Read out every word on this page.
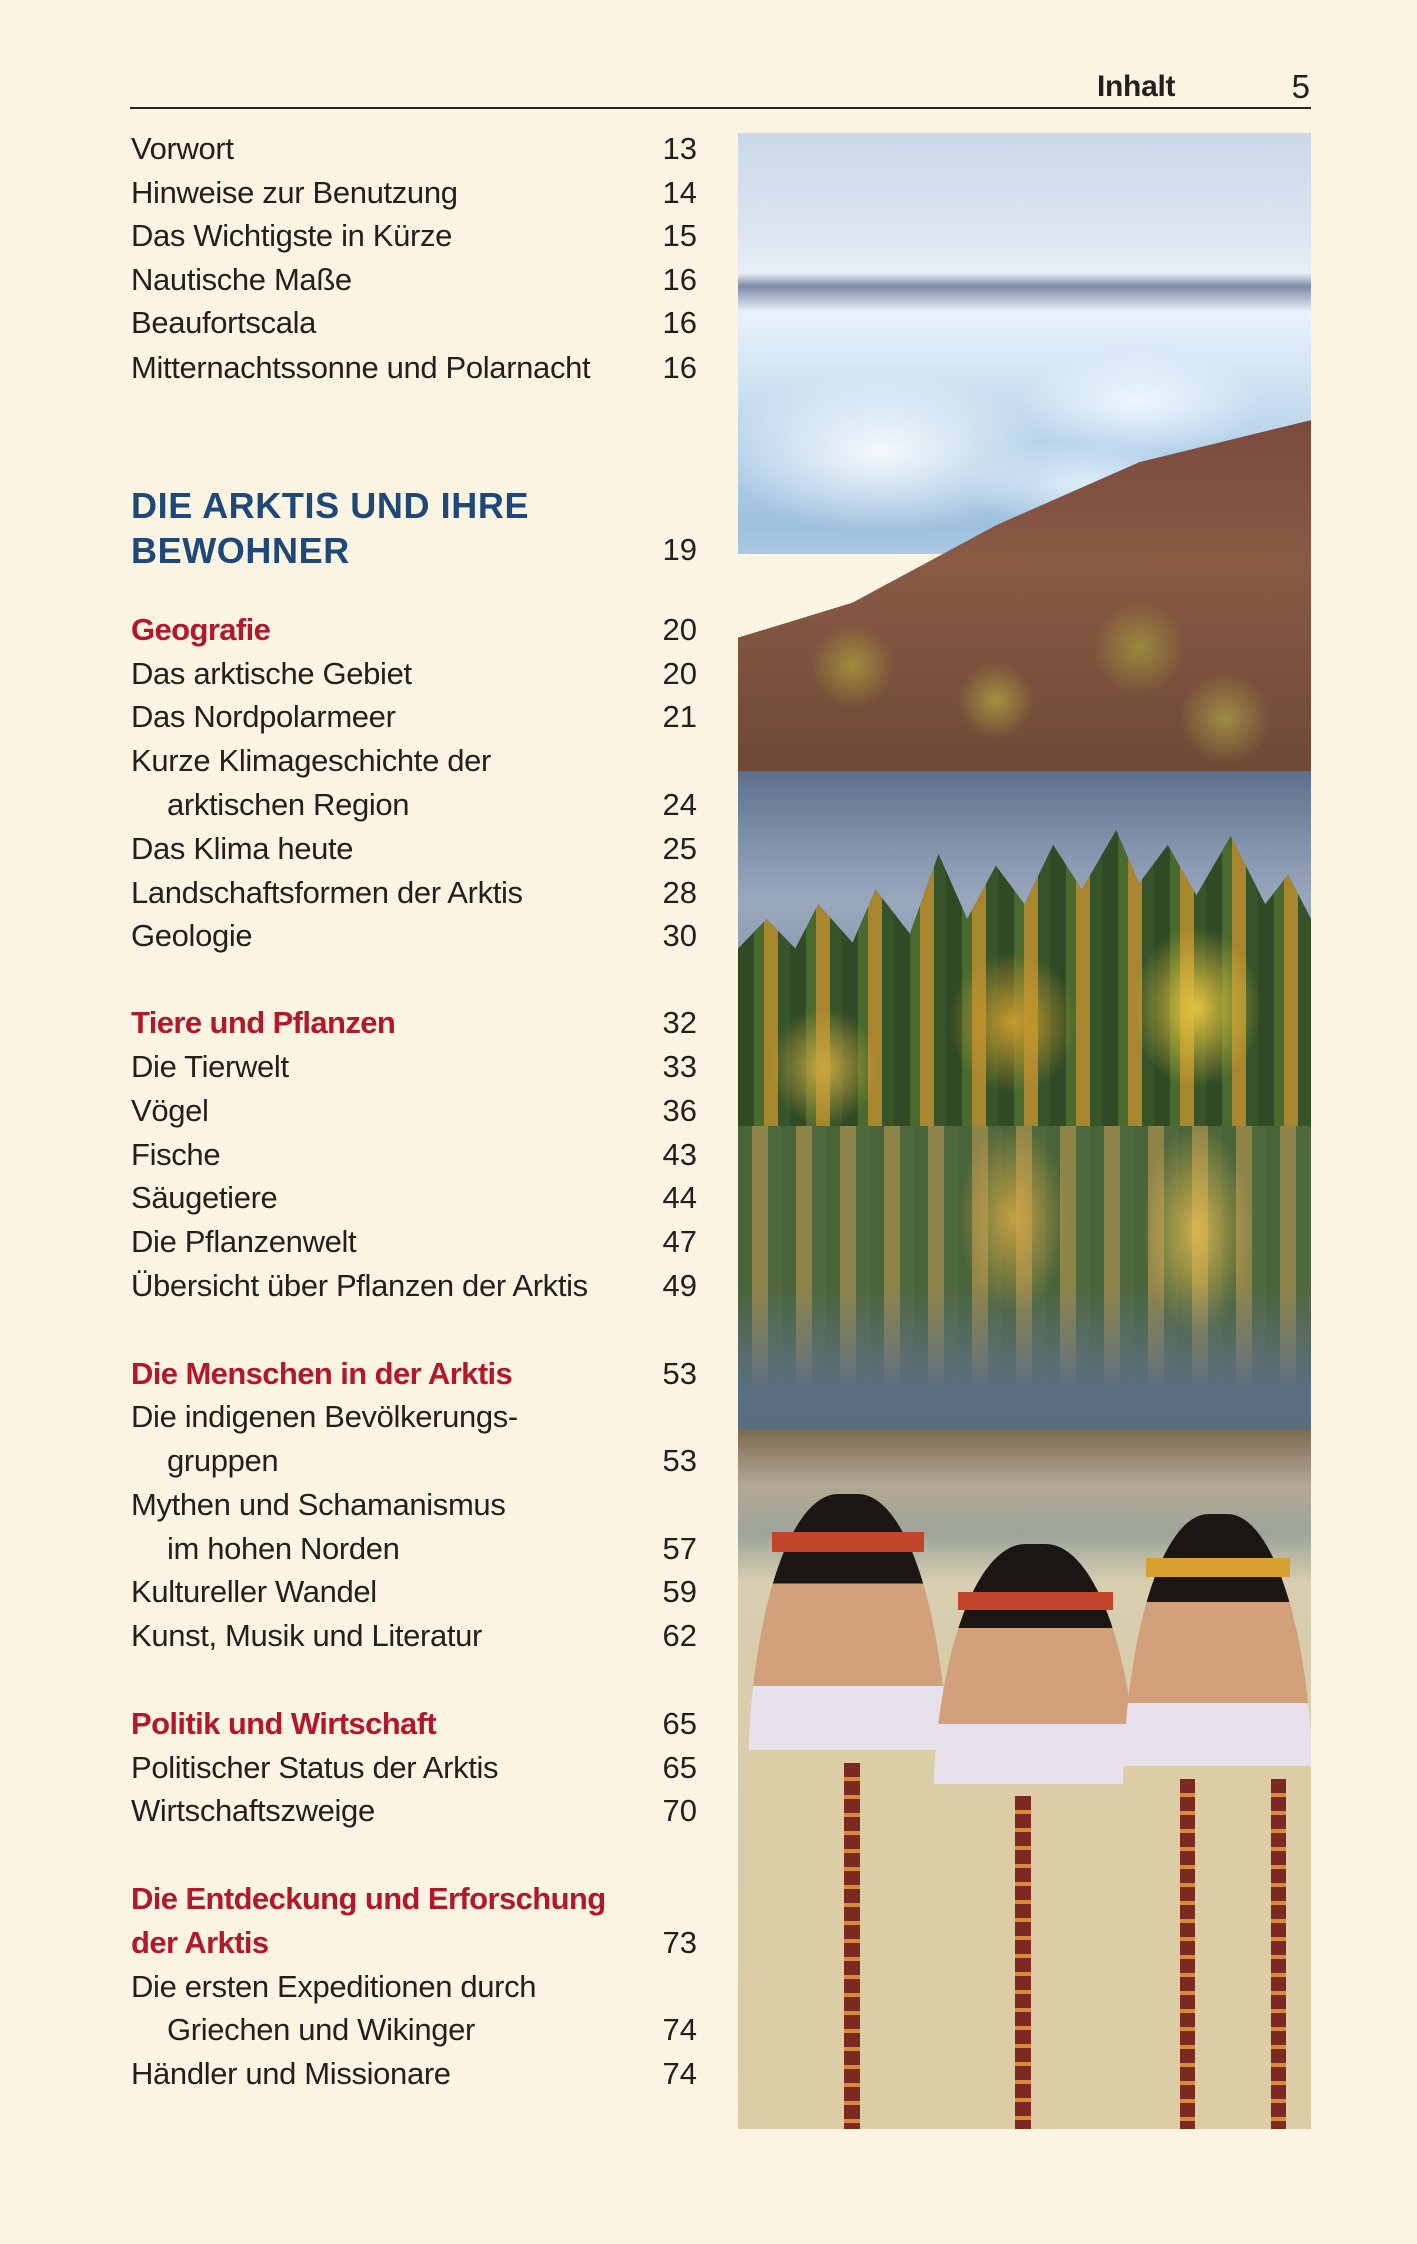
Inhalt	5
Vorwort	13
Hinweise zur Benutzung	14
Das Wichtigste in Kürze	15
Nautische Maße	16
Beaufortscala	16
Mitternachtssonne und Polarnacht 16
DIE ARKTIS UND IHRE
BEWOHNER	19
Geografie	20
Das arktische Gebiet	20
Das Nordpolarmeer	21
Kurze Klimageschichte der
arktischen Region	24
Das Klima heute	25
Landschaftsformen der Arktis	28
Geologie	30
Tiere und Pflanzen	32
Die Tierwelt	33
Vögel	36
Fische	43
Säugetiere	44
Die Pflanzenwelt	47
Übersicht über Pflanzen der Arktis 49
Die Menschen in der Arktis	53
Die indigenen Bevölkerungs-
gruppen	53
Mythen und Schamanismus
im hohen Norden	57
Kultureller Wandel	59
Kunst, Musik und Literatur	62
Politik und Wirtschaft	65
Politischer Status der Arktis	65
Wirtschaftszweige	70
Die Entdeckung und Erforschung
der Arktis	73
Die ersten Expeditionen durch
Griechen und Wikinger	74
Händler und Missionare	74
